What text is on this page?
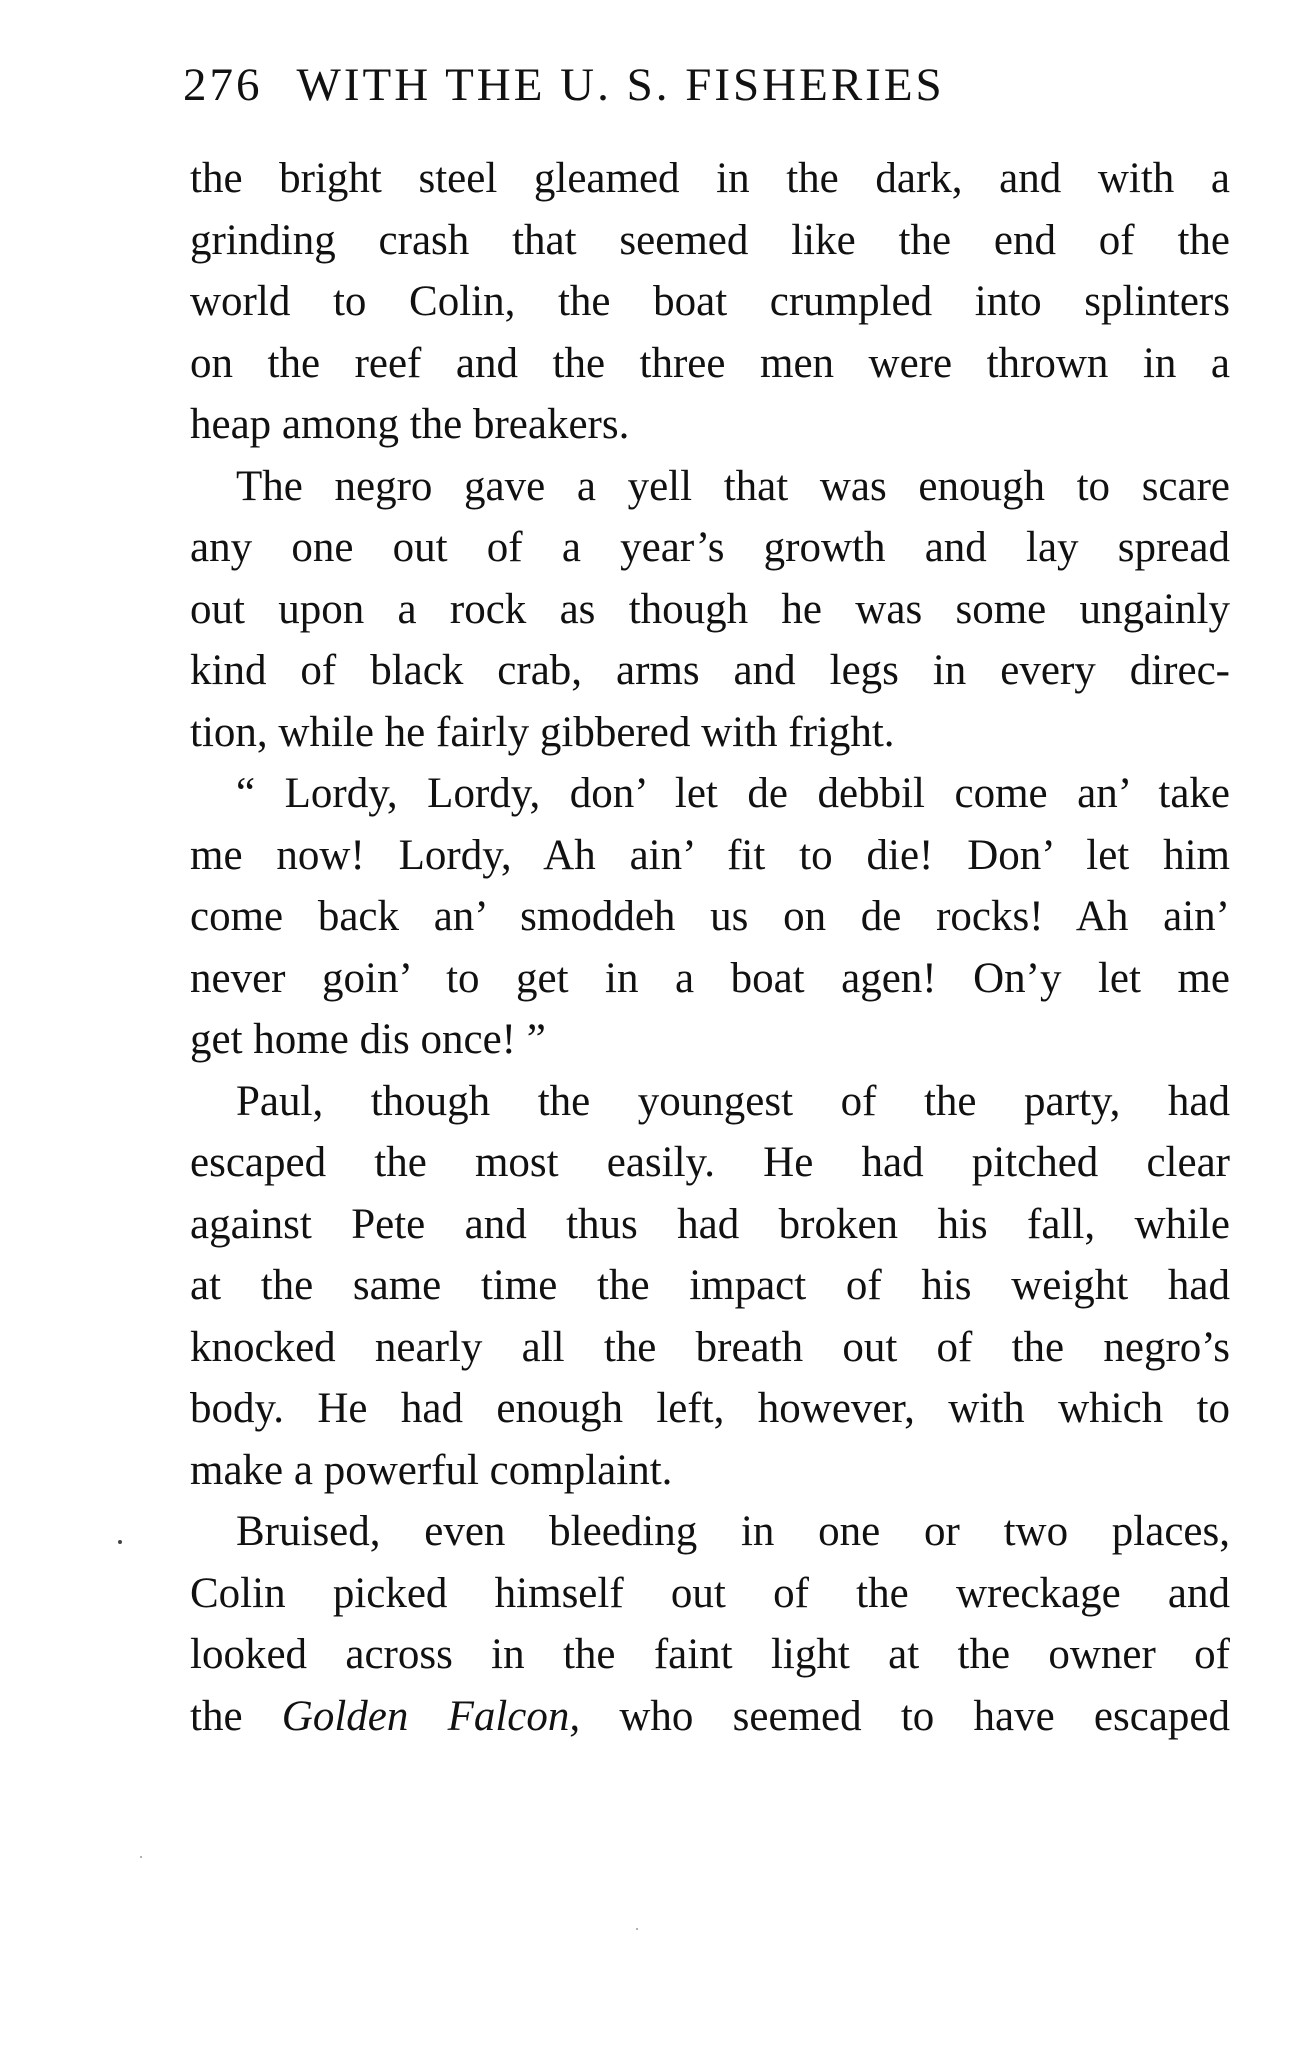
276 WITH THE U. S. FISHERIES
the bright steel gleamed in the dark, and with a
grinding crash that seemed like the end of the
world to Colin, the boat crumpled into splinters
on the reef and the three men were thrown in a
heap among the breakers.
The negro gave a yell that was enough to scare
any one out of a year’s growth and lay spread
out upon a rock as though he was some ungainly
kind of black crab, arms and legs in every direc-
tion, while he fairly gibbered with fright.
“ Lordy, Lordy, don’ let de debbil come an’ take
me now! Lordy, Ah ain’ fit to die! Don’ let him
come back an’ smoddeh us on de rocks! Ah ain’
never goin’ to get in a boat agen! On’y let me
get home dis once! ”
Paul, though the youngest of the party, had
escaped the most easily. He had pitched clear
against Pete and thus had broken his fall, while
at the same time the impact of his weight had
knocked nearly all the breath out of the negro’s
body. He had enough left, however, with which to
make a powerful complaint.
Bruised, even bleeding in one or two places,
Colin picked himself out of the wreckage and
looked across in the faint light at the owner of
the Golden Falcon, who seemed to have escaped
